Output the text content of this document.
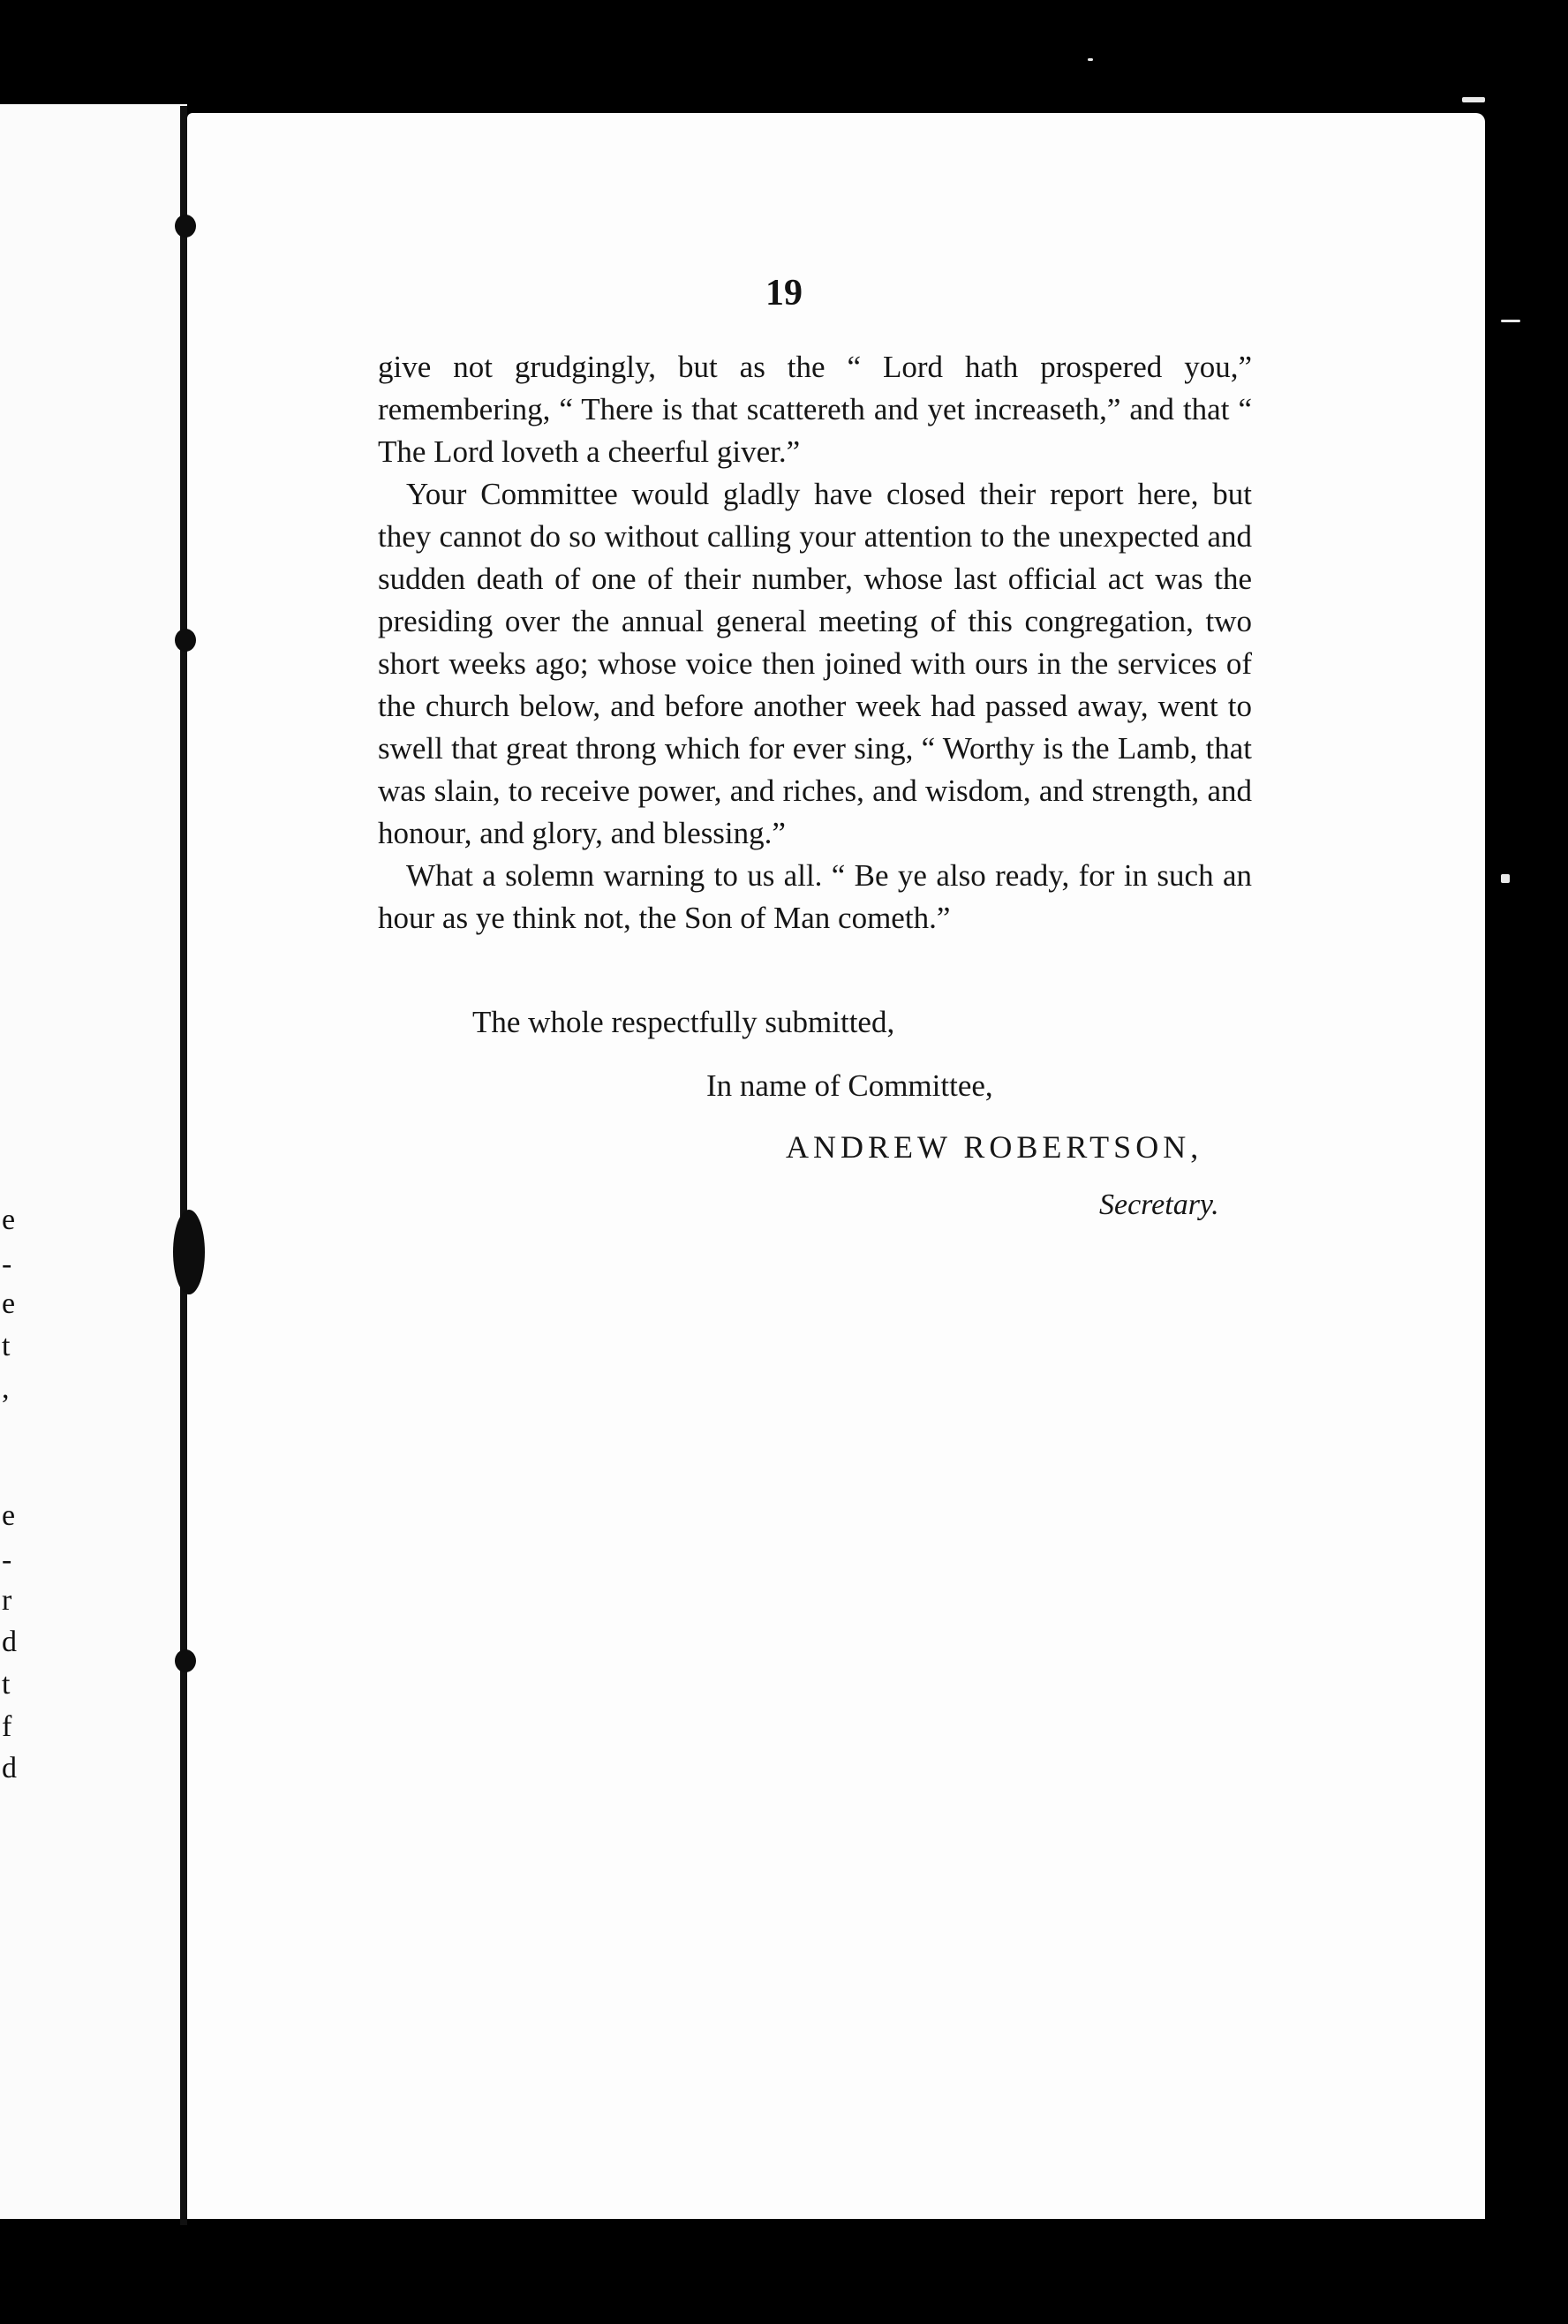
e
-
e
t
,
e
-
r
d
t
f
d
19

give not grudgingly, but as the “ Lord hath prospered you,” remembering, “ There is that scattereth and yet increaseth,” and that “ The Lord loveth a cheerful giver.”

Your Committee would gladly have closed their report here, but they cannot do so without calling your attention to the unexpected and sudden death of one of their number, whose last official act was the presiding over the annual general meeting of this congregation, two short weeks ago; whose voice then joined with ours in the services of the church below, and before another week had passed away, went to swell that great throng which for ever sing, “ Worthy is the Lamb, that was slain, to receive power, and riches, and wisdom, and strength, and honour, and glory, and blessing.”

What a solemn warning to us all. “ Be ye also ready, for in such an hour as ye think not, the Son of Man cometh.”

The whole respectfully submitted,
In name of Committee,
ANDREW ROBERTSON,
Secretary.
